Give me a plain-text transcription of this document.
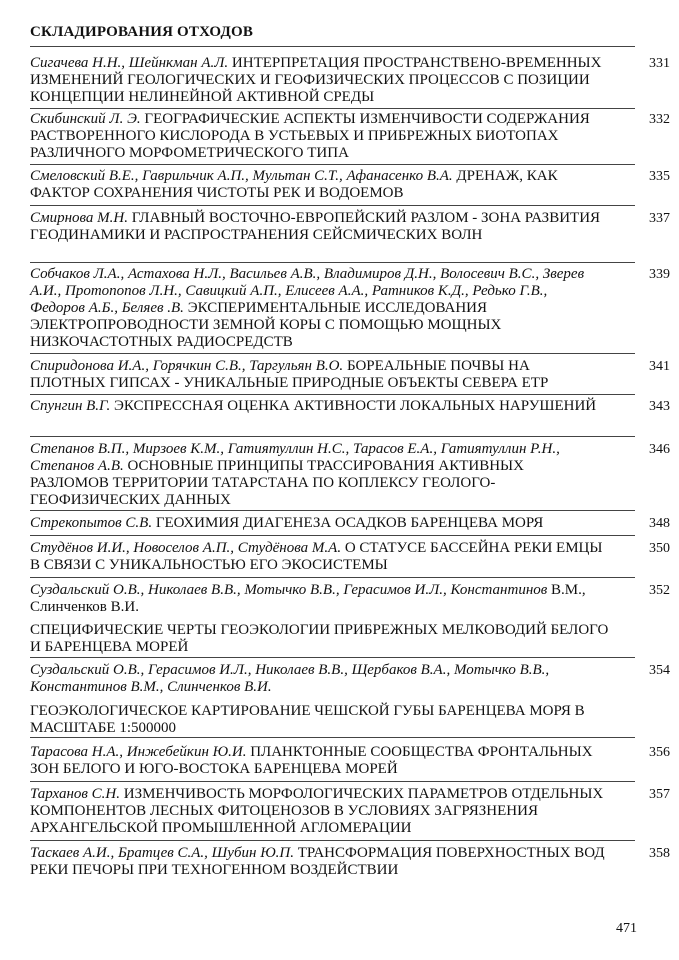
СКЛАДИРОВАНИЯ ОТХОДОВ
Сигачева Н.Н., Шейнкман А.Л. ИНТЕРПРЕТАЦИЯ ПРОСТРАНСТВЕНО-ВРЕМЕННЫХ ИЗМЕНЕНИЙ ГЕОЛОГИЧЕСКИХ И ГЕОФИЗИЧЕСКИХ ПРОЦЕССОВ С ПОЗИЦИИ КОНЦЕПЦИИ НЕЛИНЕЙНОЙ АКТИВНОЙ СРЕДЫ
331
Скибинский Л. Э. ГЕОГРАФИЧЕСКИЕ АСПЕКТЫ ИЗМЕНЧИВОСТИ СОДЕРЖАНИЯ РАСТВОРЕННОГО КИСЛОРОДА В УСТЬЕВЫХ И ПРИБРЕЖНЫХ БИОТОПАХ РАЗЛИЧНОГО МОРФОМЕТРИЧЕСКОГО ТИПА
332
Смеловский В.Е., Гаврильчик А.П., Мультан С.Т., Афанасенко В.А. ДРЕНАЖ, КАК ФАКТОР СОХРАНЕНИЯ ЧИСТОТЫ РЕК И ВОДОЕМОВ
335
Смирнова М.Н. ГЛАВНЫЙ ВОСТОЧНО-ЕВРОПЕЙСКИЙ РАЗЛОМ - ЗОНА РАЗВИТИЯ ГЕОДИНАМИКИ И РАСПРОСТРАНЕНИЯ СЕЙСМИЧЕСКИХ ВОЛН
337
Собчаков Л.А., Астахова Н.Л., Васильев А.В., Владимиров Д.Н., Волосевич В.С., Зверев А.И., Протопопов Л.Н., Савицкий А.П., Елисеев А.А., Ратников К.Д., Редько Г.В., Федоров А.Б., Беляев .В. ЭКСПЕРИМЕНТАЛЬНЫЕ ИССЛЕДОВАНИЯ ЭЛЕКТРОПРОВОДНОСТИ ЗЕМНОЙ КОРЫ С ПОМОЩЬЮ МОЩНЫХ НИЗКОЧАСТОТНЫХ РАДИОСРЕДСТВ
339
Спиридонова И.А., Горячкин С.В., Таргульян В.О. БОРЕАЛЬНЫЕ ПОЧВЫ НА ПЛОТНЫХ ГИПСАХ - УНИКАЛЬНЫЕ ПРИРОДНЫЕ ОБЪЕКТЫ СЕВЕРА ЕТР
341
Спунгин В.Г. ЭКСПРЕССНАЯ ОЦЕНКА АКТИВНОСТИ ЛОКАЛЬНЫХ НАРУШЕНИЙ	343
Степанов В.П., Мирзоев К.М., Гатиятуллин Н.С., Тарасов Е.А., Гатиятуллин Р.Н., Степанов А.В. ОСНОВНЫЕ ПРИНЦИПЫ ТРАССИРОВАНИЯ АКТИВНЫХ РАЗЛОМОВ ТЕРРИТОРИИ ТАТАРСТАНА ПО КОПЛЕКСУ ГЕОЛОГО-ГЕОФИЗИЧЕСКИХ ДАННЫХ
346
Стрекопытов С.В. ГЕОХИМИЯ ДИАГЕНЕЗА ОСАДКОВ БАРЕНЦЕВА МОРЯ	348
Студёнов И.И., Новоселов А.П., Студёнова М.А. О СТАТУСЕ БАССЕЙНА РЕКИ ЕМЦЫ В СВЯЗИ С УНИКАЛЬНОСТЬЮ ЕГО ЭКОСИСТЕМЫ
350
Суздальский О.В., Николаев В.В., Мотычко В.В., Герасимов И.Л., Константинов В.М., Слинченков В.И.
352
СПЕЦИФИЧЕСКИЕ ЧЕРТЫ ГЕОЭКОЛОГИИ ПРИБРЕЖНЫХ МЕЛКОВОДИЙ БЕЛОГО И БАРЕНЦЕВА МОРЕЙ
Суздальский О.В., Герасимов И.Л., Николаев В.В., Щербаков В.А., Мотычко В.В., Константинов В.М., Слинченков В.И.
354
ГЕОЭКОЛОГИЧЕСКОЕ КАРТИРОВАНИЕ ЧЕШСКОЙ ГУБЫ БАРЕНЦЕВА МОРЯ В МАСШТАБЕ 1:500000
Тарасова Н.А., Инжебейкин Ю.И. ПЛАНКТОННЫЕ СООБЩЕСТВА ФРОНТАЛЬНЫХ ЗОН БЕЛОГО И ЮГО-ВОСТОКА БАРЕНЦЕВА МОРЕЙ
356
Тарханов С.Н. ИЗМЕНЧИВОСТЬ МОРФОЛОГИЧЕСКИХ ПАРАМЕТРОВ ОТДЕЛЬНЫХ КОМПОНЕНТОВ ЛЕСНЫХ ФИТОЦЕНОЗОВ В УСЛОВИЯХ ЗАГРЯЗНЕНИЯ АРХАНГЕЛЬСКОЙ ПРОМЫШЛЕННОЙ АГЛОМЕРАЦИИ
357
Таскаев А.И., Братцев С.А., Шубин Ю.П. ТРАНСФОРМАЦИЯ ПОВЕРХНОСТНЫХ ВОД РЕКИ ПЕЧОРЫ ПРИ ТЕХНОГЕННОМ ВОЗДЕЙСТВИИ
358
471
